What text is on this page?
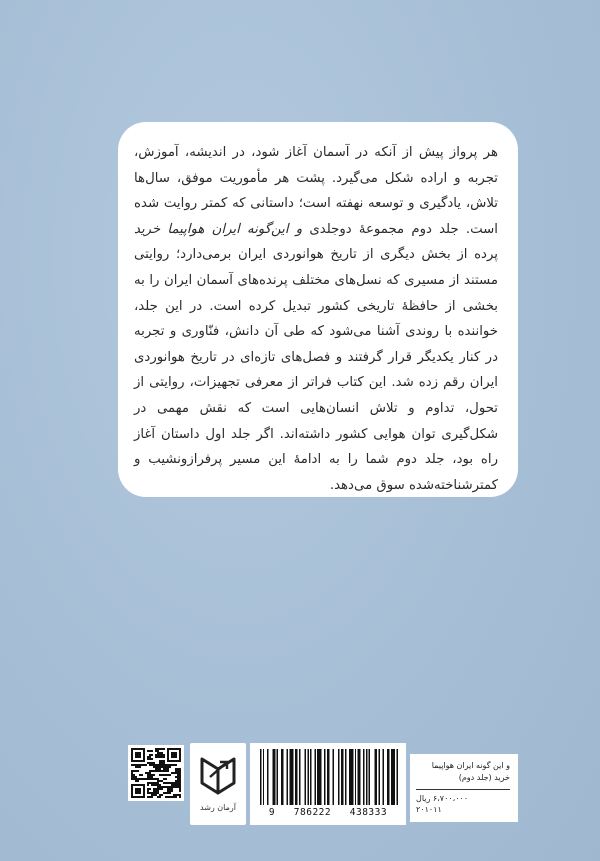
هر پرواز پیش از آنکه در آسمان آغاز شود، در اندیشه، آموزش، تجربه و اراده شکل می‌گیرد. پشت هر مأموریت موفق، سال‌ها تلاش، یادگیری و توسعه نهفته است؛ داستانی که کمتر روایت شده است. جلد دوم مجموعهٔ دوجلدی و این‌گونه ایران هواپیما خرید پرده از بخش دیگری از تاریخ هوانوردی ایران برمی‌دارد؛ روایتی مستند از مسیری که نسل‌های مختلف پرنده‌های آسمان ایران را به بخشی از حافظهٔ تاریخی کشور تبدیل کرده است. در این جلد، خواننده با روندی آشنا می‌شود که طی آن دانش، فنّاوری و تجربه در کنار یکدیگر قرار گرفتند و فصل‌های تازه‌ای در تاریخ هوانوردی ایران رقم زده شد. این کتاب فراتر از معرفی تجهیزات، روایتی از تحول، تداوم و تلاش انسان‌هایی است که نقش مهمی در شکل‌گیری توان هوایی کشور داشته‌اند. اگر جلد اول داستان آغاز راه بود، جلد دوم شما را به ادامهٔ این مسیر پرفرازونشیب و کمترشناخته‌شده سوق می‌دهد.

آرمان رشد	9   786222   438333

و این گونه ایران هواپیما خرید (جلد دوم)

۶،۷۰۰،۰۰۰ ریال

۲۰۱۰۱۱
